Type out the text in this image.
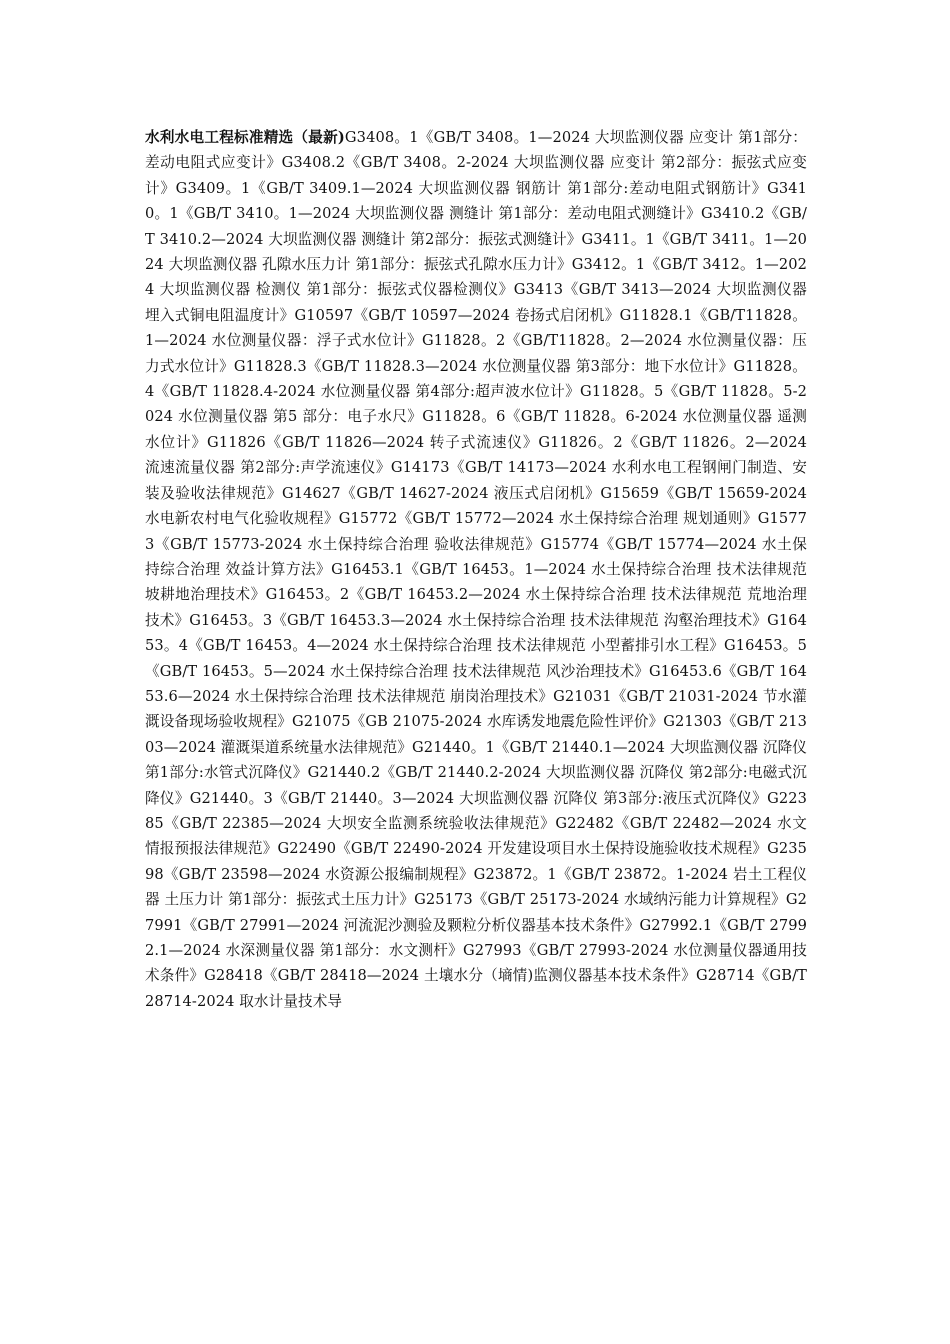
水利水电工程标准精选（最新)G3408。1《GB/T 3408。1—2024 大坝监测仪器 应变计 第1部分：差动电阻式应变计》G3408.2《GB/T 3408。2-2024 大坝监测仪器 应变计 第2部分：振弦式应变计》G3409。1《GB/T 3409.1—2024 大坝监测仪器 钢筋计 第1部分:差动电阻式钢筋计》G3410。1《GB/T 3410。1—2024 大坝监测仪器 测缝计 第1部分：差动电阻式测缝计》G3410.2《GB/T 3410.2—2024 大坝监测仪器 测缝计 第2部分：振弦式测缝计》G3411。1《GB/T 3411。1—2024 大坝监测仪器 孔隙水压力计 第1部分：振弦式孔隙水压力计》G3412。1《GB/T 3412。1—2024 大坝监测仪器 检测仪 第1部分：振弦式仪器检测仪》G3413《GB/T 3413—2024 大坝监测仪器 埋入式铜电阻温度计》G10597《GB/T 10597—2024 卷扬式启闭机》G11828.1《GB/T11828。1—2024 水位测量仪器：浮子式水位计》G11828。2《GB/T11828。2—2024 水位测量仪器：压力式水位计》G11828.3《GB/T 11828.3—2024 水位测量仪器 第3部分：地下水位计》G11828。4《GB/T 11828.4-2024 水位测量仪器 第4部分:超声波水位计》G11828。5《GB/T 11828。5-2024 水位测量仪器 第5 部分：电子水尺》G11828。6《GB/T 11828。6-2024 水位测量仪器 遥测水位计》G11826《GB/T 11826—2024 转子式流速仪》G11826。2《GB/T 11826。2—2024 流速流量仪器 第2部分:声学流速仪》G14173《GB/T 14173—2024 水利水电工程钢闸门制造、安装及验收法律规范》G14627《GB/T 14627-2024 液压式启闭机》G15659《GB/T 15659-2024 水电新农村电气化验收规程》G15772《GB/T 15772—2024 水土保持综合治理 规划通则》G15773《GB/T 15773-2024 水土保持综合治理 验收法律规范》G15774《GB/T 15774—2024 水土保持综合治理 效益计算方法》G16453.1《GB/T 16453。1—2024 水土保持综合治理 技术法律规范 坡耕地治理技术》G16453。2《GB/T 16453.2—2024 水土保持综合治理 技术法律规范 荒地治理技术》G16453。3《GB/T 16453.3—2024 水土保持综合治理 技术法律规范 沟壑治理技术》G16453。4《GB/T 16453。4—2024 水土保持综合治理 技术法律规范 小型蓄排引水工程》G16453。5《GB/T 16453。5—2024 水土保持综合治理 技术法律规范 风沙治理技术》G16453.6《GB/T 16453.6—2024 水土保持综合治理 技术法律规范 崩岗治理技术》G21031《GB/T 21031-2024 节水灌溉设备现场验收规程》G21075《GB 21075-2024 水库诱发地震危险性评价》G21303《GB/T 21303—2024 灌溉渠道系统量水法律规范》G21440。1《GB/T 21440.1—2024 大坝监测仪器 沉降仪 第1部分:水管式沉降仪》G21440.2《GB/T 21440.2-2024 大坝监测仪器 沉降仪 第2部分:电磁式沉降仪》G21440。3《GB/T 21440。3—2024 大坝监测仪器 沉降仪 第3部分:液压式沉降仪》G22385《GB/T 22385—2024 大坝安全监测系统验收法律规范》G22482《GB/T 22482—2024 水文情报预报法律规范》G22490《GB/T 22490-2024 开发建设项目水土保持设施验收技术规程》G23598《GB/T 23598—2024 水资源公报编制规程》G23872。1《GB/T 23872。1-2024 岩土工程仪器 土压力计 第1部分：振弦式土压力计》G25173《GB/T 25173-2024 水域纳污能力计算规程》G27991《GB/T 27991—2024 河流泥沙测验及颗粒分析仪器基本技术条件》G27992.1《GB/T 27992.1—2024 水深测量仪器 第1部分：水文测杆》G27993《GB/T 27993-2024 水位测量仪器通用技术条件》G28418《GB/T 28418—2024 土壤水分（墒情)监测仪器基本技术条件》G28714《GB/T 28714-2024 取水计量技术导
